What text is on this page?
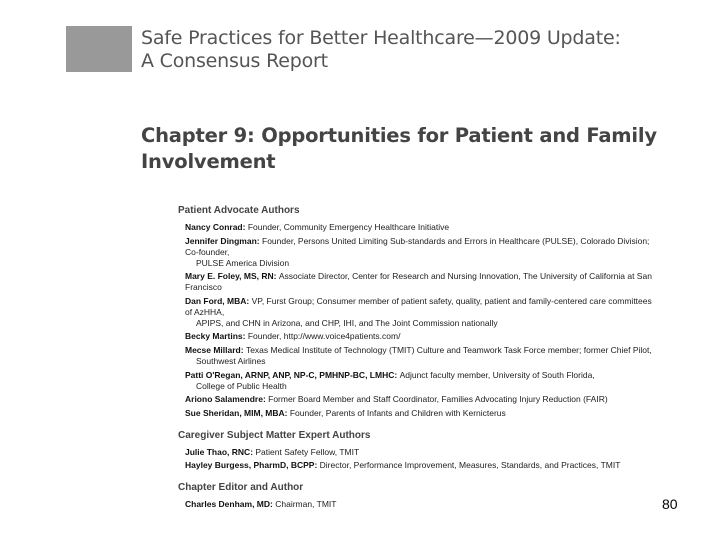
Safe Practices for Better Healthcare—2009 Update:
A Consensus Report
Chapter 9: Opportunities for Patient and Family
Involvement
Patient Advocate Authors
Nancy Conrad : Founder, Community Emergency Healthcare Initiative
Jennifer Dingman : Founder, Persons United Limiting Sub-standards and Errors in Healthcare (PULSE), Colorado Division; Co-founder,
PULSE America Division
Mary E. Foley, MS, RN : Associate Director, Center for Research and Nursing Innovation, The University of California at San Francisco
Dan Ford, MBA : VP, Furst Group; Consumer member of patient safety, quality, patient and family-centered care committees of AzHHA,
APIPS, and CHN in Arizona, and CHP, IHI, and The Joint Commission nationally
Becky Martins : Founder, http://www.voice4patients.com/
Mecse Millard : Texas Medical Institute of Technology (TMIT) Culture and Teamwork Task Force member; former Chief Pilot,
Southwest Airlines
Patti O'Regan, ARNP, ANP, NP-C, PMHNP-BC, LMHC : Adjunct faculty member, University of South Florida,
College of Public Health
Ariono Salamendre : Former Board Member and Staff Coordinator, Families Advocating Injury Reduction (FAIR)
Sue Sheridan, MIM, MBA : Founder, Parents of Infants and Children with Kernicterus
Caregiver Subject Matter Expert Authors
Julie Thao, RNC : Patient Safety Fellow, TMIT
Hayley Burgess, PharmD, BCPP : Director, Performance Improvement, Measures, Standards, and Practices, TMIT
Chapter Editor and Author
Charles Denham, MD : Chairman, TMIT	80
